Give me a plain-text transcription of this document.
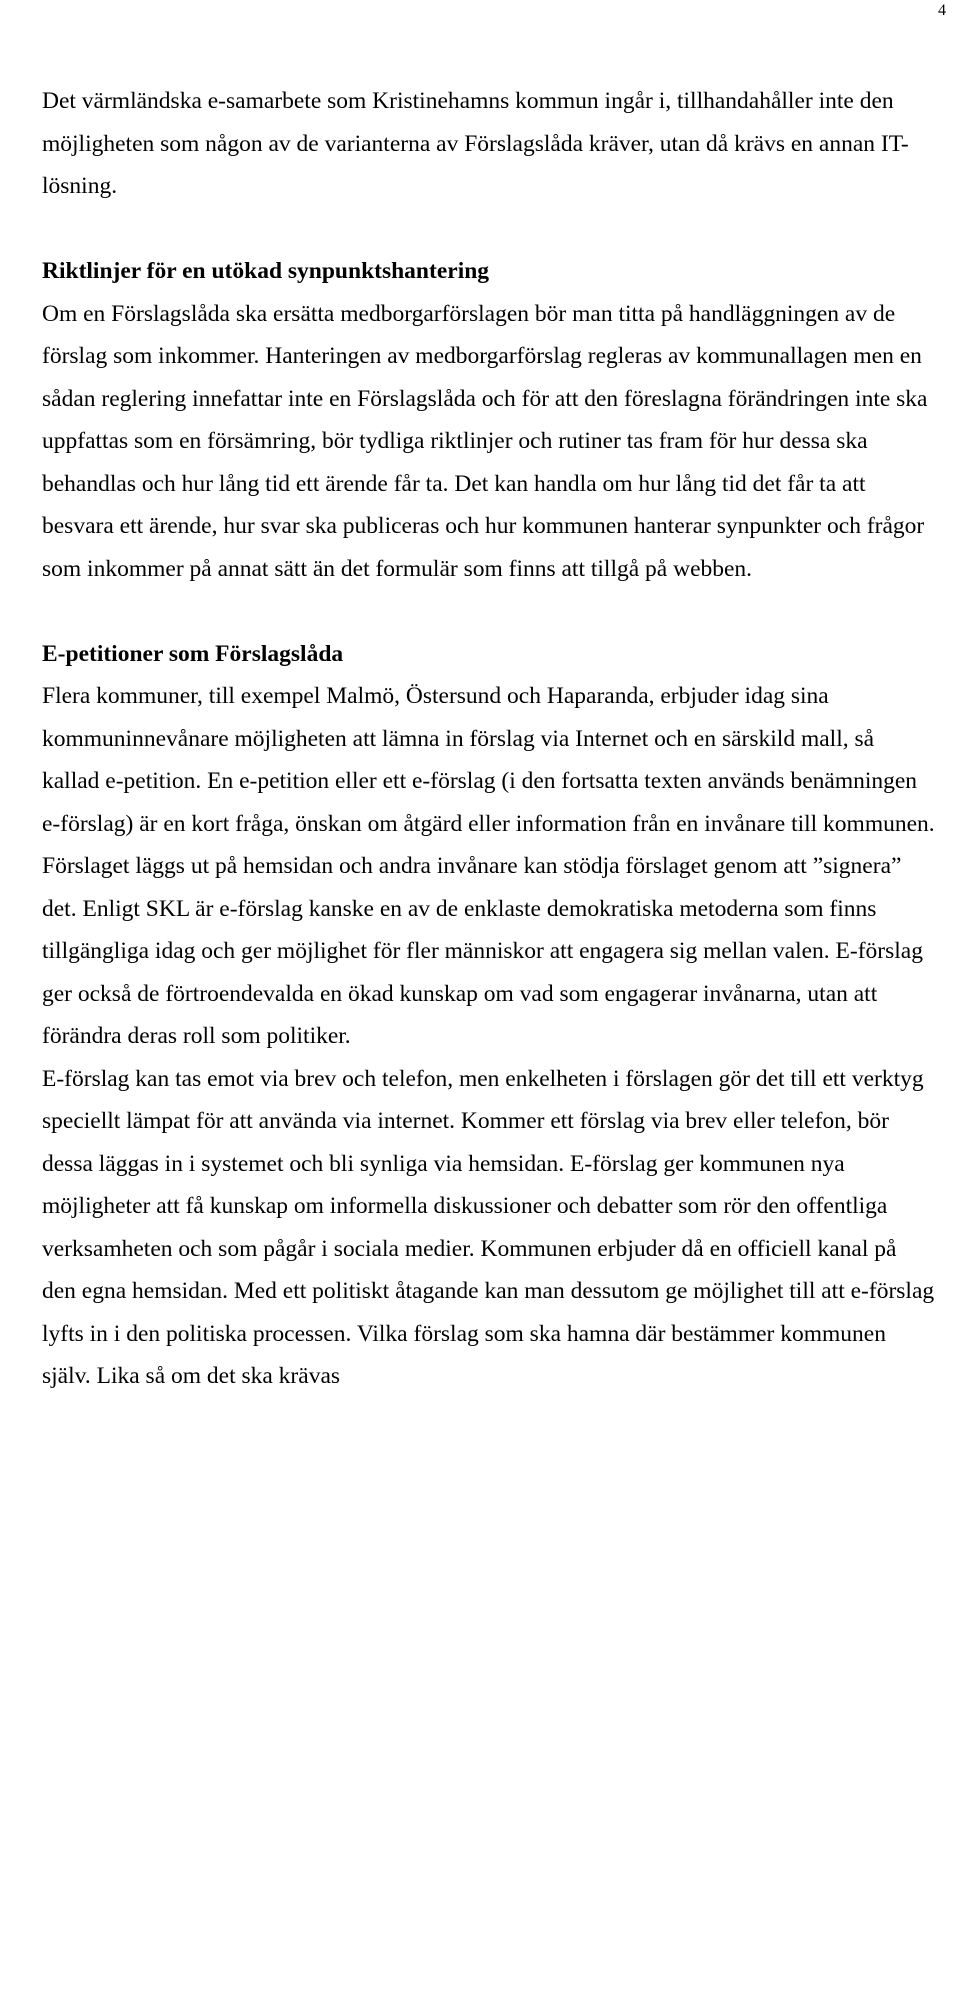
4

Det värmländska e-samarbete som Kristinehamns kommun ingår i, tillhandahåller inte den möjligheten som någon av de varianterna av Förslagslåda kräver, utan då krävs en annan IT-lösning.

Riktlinjer för en utökad synpunktshantering

Om en Förslagslåda ska ersätta medborgarförslagen bör man titta på handläggningen av de förslag som inkommer. Hanteringen av medborgarförslag regleras av kommunallagen men en sådan reglering innefattar inte en Förslagslåda och för att den föreslagna förändringen inte ska uppfattas som en försämring, bör tydliga riktlinjer och rutiner tas fram för hur dessa ska behandlas och hur lång tid ett ärende får ta. Det kan handla om hur lång tid det får ta att besvara ett ärende, hur svar ska publiceras och hur kommunen hanterar synpunkter och frågor som inkommer på annat sätt än det formulär som finns att tillgå på webben.

E-petitioner som Förslagslåda

Flera kommuner, till exempel Malmö, Östersund och Haparanda, erbjuder idag sina kommuninnevånare möjligheten att lämna in förslag via Internet och en särskild mall, så kallad e-petition. En e-petition eller ett e-förslag (i den fortsatta texten används benämningen e-förslag) är en kort fråga, önskan om åtgärd eller information från en invånare till kommunen. Förslaget läggs ut på hemsidan och andra invånare kan stödja förslaget genom att ”signera” det. Enligt SKL är e-förslag kanske en av de enklaste demokratiska metoderna som finns tillgängliga idag och ger möjlighet för fler människor att engagera sig mellan valen. E-förslag ger också de förtroendevalda en ökad kunskap om vad som engagerar invånarna, utan att förändra deras roll som politiker.

E-förslag kan tas emot via brev och telefon, men enkelheten i förslagen gör det till ett verktyg speciellt lämpat för att använda via internet. Kommer ett förslag via brev eller telefon, bör dessa läggas in i systemet och bli synliga via hemsidan. E-förslag ger kommunen nya möjligheter att få kunskap om informella diskussioner och debatter som rör den offentliga verksamheten och som pågår i sociala medier. Kommunen erbjuder då en officiell kanal på den egna hemsidan. Med ett politiskt åtagande kan man dessutom ge möjlighet till att e-förslag lyfts in i den politiska processen. Vilka förslag som ska hamna där bestämmer kommunen själv. Lika så om det ska krävas
